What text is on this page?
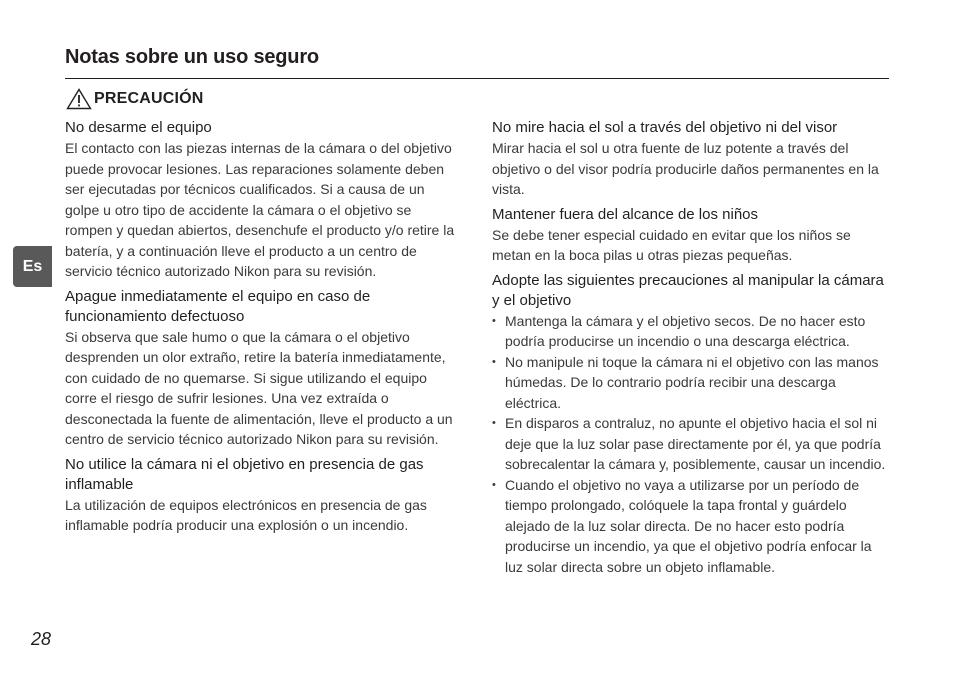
Notas sobre un uso seguro
PRECAUCIÓN
Es

No desarme el equipo

El contacto con las piezas internas de la cámara o del objetivo puede provocar lesiones. Las reparaciones solamente deben ser ejecutadas por técnicos cualificados. Si a causa de un golpe u otro tipo de accidente la cámara o el objetivo se rompen y quedan abiertos, desenchufe el producto y/o retire la batería, y a continuación lleve el producto a un centro de servicio técnico autorizado Nikon para su revisión.

Apague inmediatamente el equipo en caso de funcionamiento defectuoso

Si observa que sale humo o que la cámara o el objetivo desprenden un olor extraño, retire la batería inmediatamente, con cuidado de no quemarse. Si sigue utilizando el equipo corre el riesgo de sufrir lesiones. Una vez extraída o desconectada la fuente de alimentación, lleve el producto a un centro de servicio técnico autorizado Nikon para su revisión.

No utilice la cámara ni el objetivo en presencia de gas inflamable

La utilización de equipos electrónicos en presencia de gas inflamable podría producir una explosión o un incendio.

No mire hacia el sol a través del objetivo ni del visor

Mirar hacia el sol u otra fuente de luz potente a través del objetivo o del visor podría producirle daños permanentes en la vista.

Mantener fuera del alcance de los niños

Se debe tener especial cuidado en evitar que los niños se metan en la boca pilas u otras piezas pequeñas.

Adopte las siguientes precauciones al manipular la cámara y el objetivo

• Mantenga la cámara y el objetivo secos. De no hacer esto podría producirse un incendio o una descarga eléctrica.
• No manipule ni toque la cámara ni el objetivo con las manos húmedas. De lo contrario podría recibir una descarga eléctrica.
• En disparos a contraluz, no apunte el objetivo hacia el sol ni deje que la luz solar pase directamente por él, ya que podría sobrecalentar la cámara y, posiblemente, causar un incendio.
• Cuando el objetivo no vaya a utilizarse por un período de tiempo prolongado, colóquele la tapa frontal y guárdelo alejado de la luz solar directa. De no hacer esto podría producirse un incendio, ya que el objetivo podría enfocar la luz solar directa sobre un objeto inflamable.
28
